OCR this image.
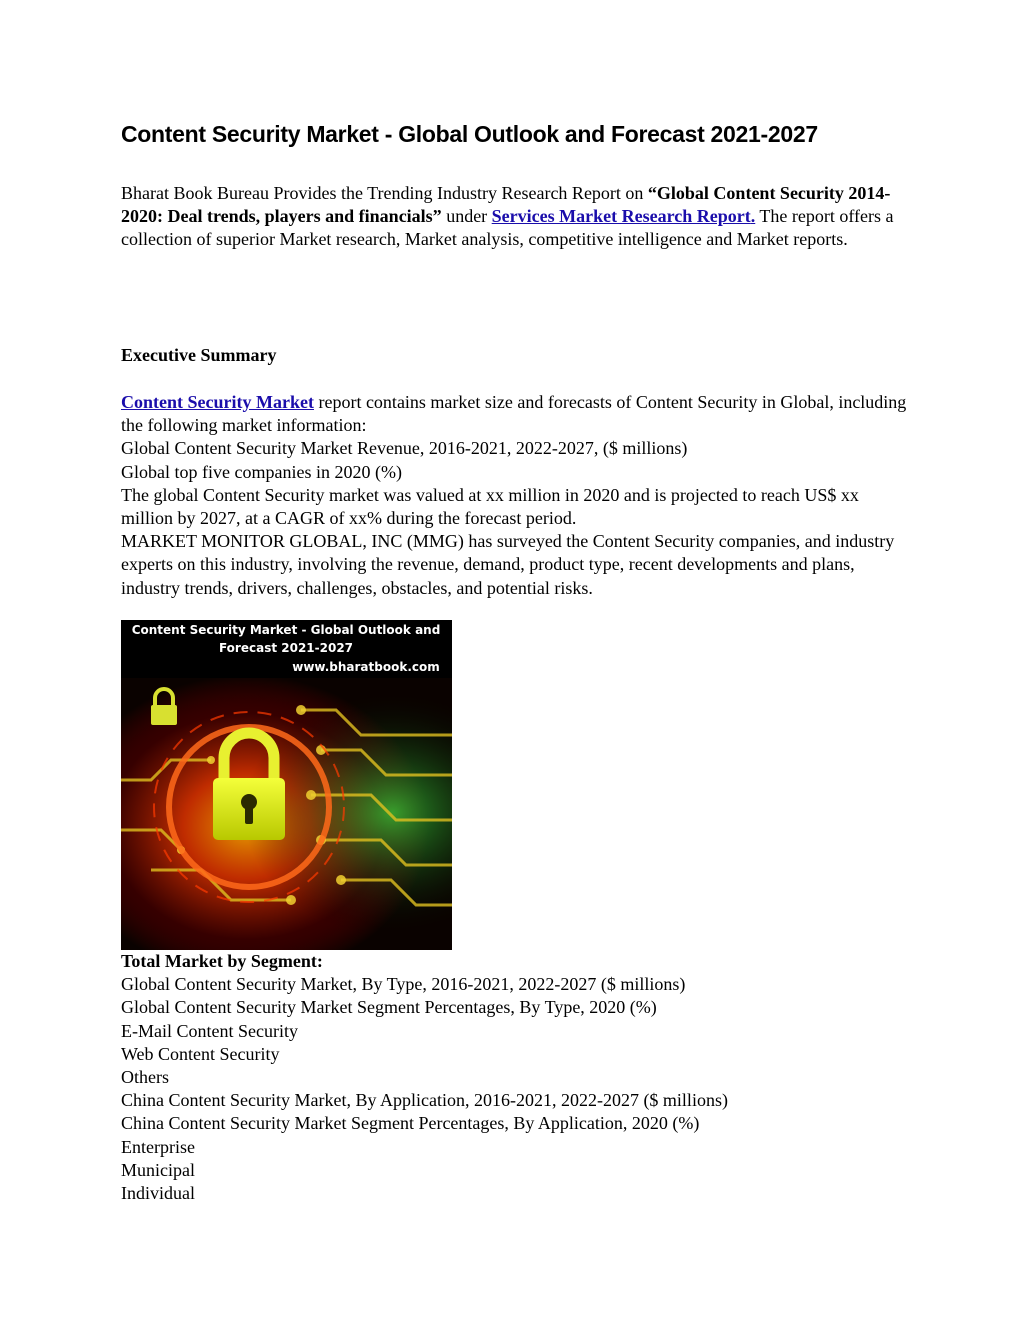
Content Security Market - Global Outlook and Forecast 2021-2027

Bharat Book Bureau Provides the Trending Industry Research Report on “Global Content Security 2014-2020: Deal trends, players and financials” under Services Market Research Report. The report offers a collection of superior Market research, Market analysis, competitive intelligence and Market reports.

Executive Summary
Content Security Market report contains market size and forecasts of Content Security in Global, including the following market information:
Global Content Security Market Revenue, 2016-2021, 2022-2027, ($ millions)
Global top five companies in 2020 (%)
The global Content Security market was valued at xx million in 2020 and is projected to reach US$ xx million by 2027, at a CAGR of xx% during the forecast period.
MARKET MONITOR GLOBAL, INC (MMG) has surveyed the Content Security companies, and industry experts on this industry, involving the revenue, demand, product type, recent developments and plans, industry trends, drivers, challenges, obstacles, and potential risks.
Content Security Market - Global Outlook and
Forecast 2021-2027
www.bharatbook.com
Total Market by Segment:
Global Content Security Market, By Type, 2016-2021, 2022-2027 ($ millions)
Global Content Security Market Segment Percentages, By Type, 2020 (%)
E-Mail Content Security
Web Content Security
Others
China Content Security Market, By Application, 2016-2021, 2022-2027 ($ millions)
China Content Security Market Segment Percentages, By Application, 2020 (%)
Enterprise
Municipal
Individual
